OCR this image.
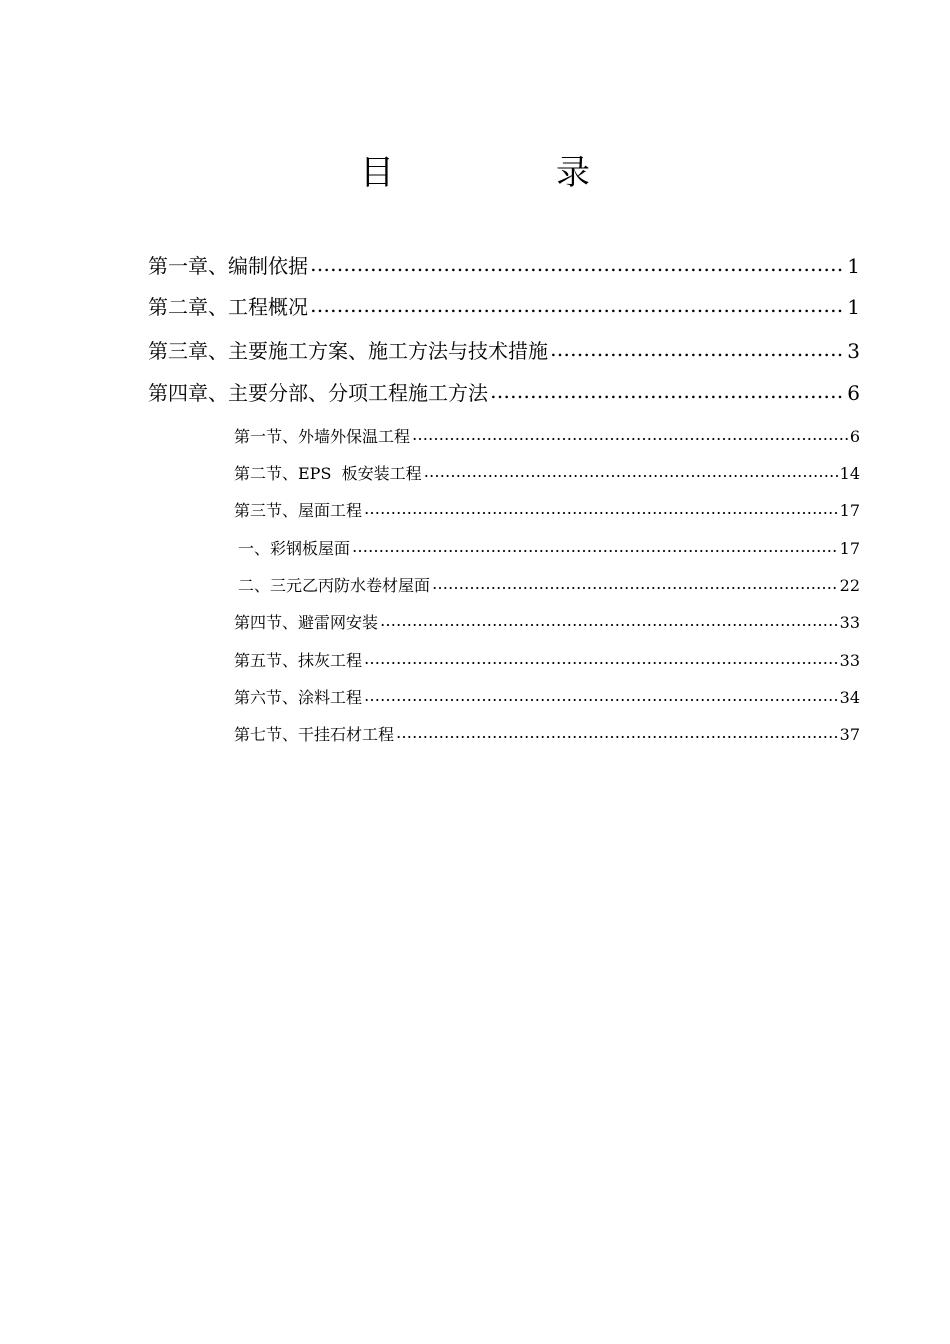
目　录
第一章、编制依据 …………………………………………………………………………………………………………………………………………………………………………………………………………………………	1
第二章、工程概况 …………………………………………………………………………………………………………………………………………………………………………………………………………………………	1
第三章、主要施工方案、施工方法与技术措施 …………………………………………………………………………………………………………………………………………………………………………………………………………………………	3
第四章、主要分部、分项工程施工方法 …………………………………………………………………………………………………………………………………………………………………………………………………………………………	6
第一节、外墙外保温工程 …………………………………………………………………………………………………………………………………………………………………………………………………………………………	6
第二节、EPS  板安装工程 …………………………………………………………………………………………………………………………………………………………………………………………………………………………	14
第三节、屋面工程 …………………………………………………………………………………………………………………………………………………………………………………………………………………………	17
一、彩钢板屋面 …………………………………………………………………………………………………………………………………………………………………………………………………………………………	17
二、三元乙丙防水卷材屋面 …………………………………………………………………………………………………………………………………………………………………………………………………………………………	22
第四节、避雷网安装 …………………………………………………………………………………………………………………………………………………………………………………………………………………………	33
第五节、抹灰工程 …………………………………………………………………………………………………………………………………………………………………………………………………………………………	33
第六节、涂料工程 …………………………………………………………………………………………………………………………………………………………………………………………………………………………	34
第七节、干挂石材工程 …………………………………………………………………………………………………………………………………………………………………………………………………………………………	37
